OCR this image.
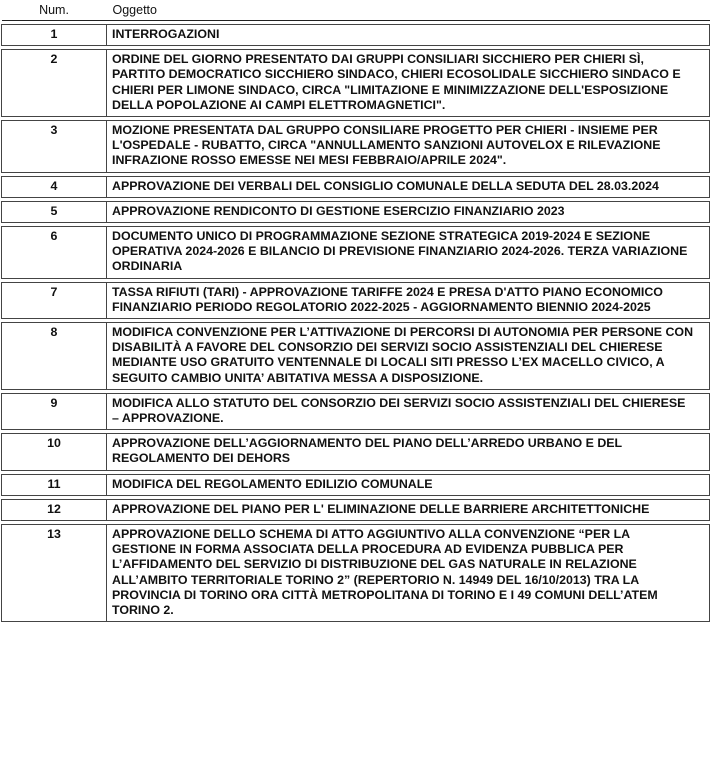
Num.	Oggetto

1	INTERROGAZIONI

2	ORDINE DEL GIORNO PRESENTATO DAI GRUPPI CONSILIARI SICCHIERO PER CHIERI SÌ, PARTITO DEMOCRATICO SICCHIERO SINDACO, CHIERI ECOSOLIDALE SICCHIERO SINDACO E CHIERI PER LIMONE SINDACO, CIRCA "LIMITAZIONE E MINIMIZZAZIONE DELL'ESPOSIZIONE DELLA POPOLAZIONE AI CAMPI ELETTROMAGNETICI".

3	MOZIONE PRESENTATA DAL GRUPPO CONSILIARE PROGETTO PER CHIERI - INSIEME PER L'OSPEDALE - RUBATTO, CIRCA "ANNULLAMENTO SANZIONI AUTOVELOX E RILEVAZIONE INFRAZIONE ROSSO EMESSE NEI MESI FEBBRAIO/APRILE 2024".

4	APPROVAZIONE DEI VERBALI DEL CONSIGLIO COMUNALE DELLA SEDUTA DEL 28.03.2024

5	APPROVAZIONE RENDICONTO DI GESTIONE ESERCIZIO FINANZIARIO 2023

6	DOCUMENTO UNICO DI PROGRAMMAZIONE SEZIONE STRATEGICA 2019-2024 E SEZIONE OPERATIVA 2024-2026 E BILANCIO DI PREVISIONE FINANZIARIO 2024-2026. TERZA VARIAZIONE ORDINARIA

7	TASSA RIFIUTI (TARI) - APPROVAZIONE TARIFFE 2024 E PRESA D'ATTO PIANO ECONOMICO FINANZIARIO PERIODO REGOLATORIO 2022-2025 - AGGIORNAMENTO BIENNIO 2024-2025

8	MODIFICA CONVENZIONE PER L’ATTIVAZIONE DI PERCORSI DI AUTONOMIA PER PERSONE CON DISABILITÀ A FAVORE DEL CONSORZIO DEI SERVIZI SOCIO ASSISTENZIALI DEL CHIERESE MEDIANTE USO GRATUITO VENTENNALE DI LOCALI SITI PRESSO L’EX MACELLO CIVICO, A SEGUITO CAMBIO UNITA’ ABITATIVA MESSA A DISPOSIZIONE.

9	MODIFICA ALLO STATUTO DEL CONSORZIO DEI SERVIZI SOCIO ASSISTENZIALI DEL CHIERESE – APPROVAZIONE.

10	APPROVAZIONE DELL’AGGIORNAMENTO DEL PIANO DELL’ARREDO URBANO E DEL REGOLAMENTO DEI DEHORS

11	MODIFICA DEL REGOLAMENTO EDILIZIO COMUNALE

12	APPROVAZIONE DEL PIANO PER L' ELIMINAZIONE DELLE BARRIERE ARCHITETTONICHE

13	APPROVAZIONE DELLO SCHEMA DI ATTO AGGIUNTIVO ALLA CONVENZIONE “PER LA GESTIONE IN FORMA ASSOCIATA DELLA PROCEDURA AD EVIDENZA PUBBLICA PER L’AFFIDAMENTO DEL SERVIZIO DI DISTRIBUZIONE DEL GAS NATURALE IN RELAZIONE ALL’AMBITO TERRITORIALE TORINO 2” (REPERTORIO N. 14949 DEL 16/10/2013) TRA LA PROVINCIA DI TORINO ORA CITTÀ METROPOLITANA DI TORINO E I 49 COMUNI DELL’ATEM TORINO 2.
